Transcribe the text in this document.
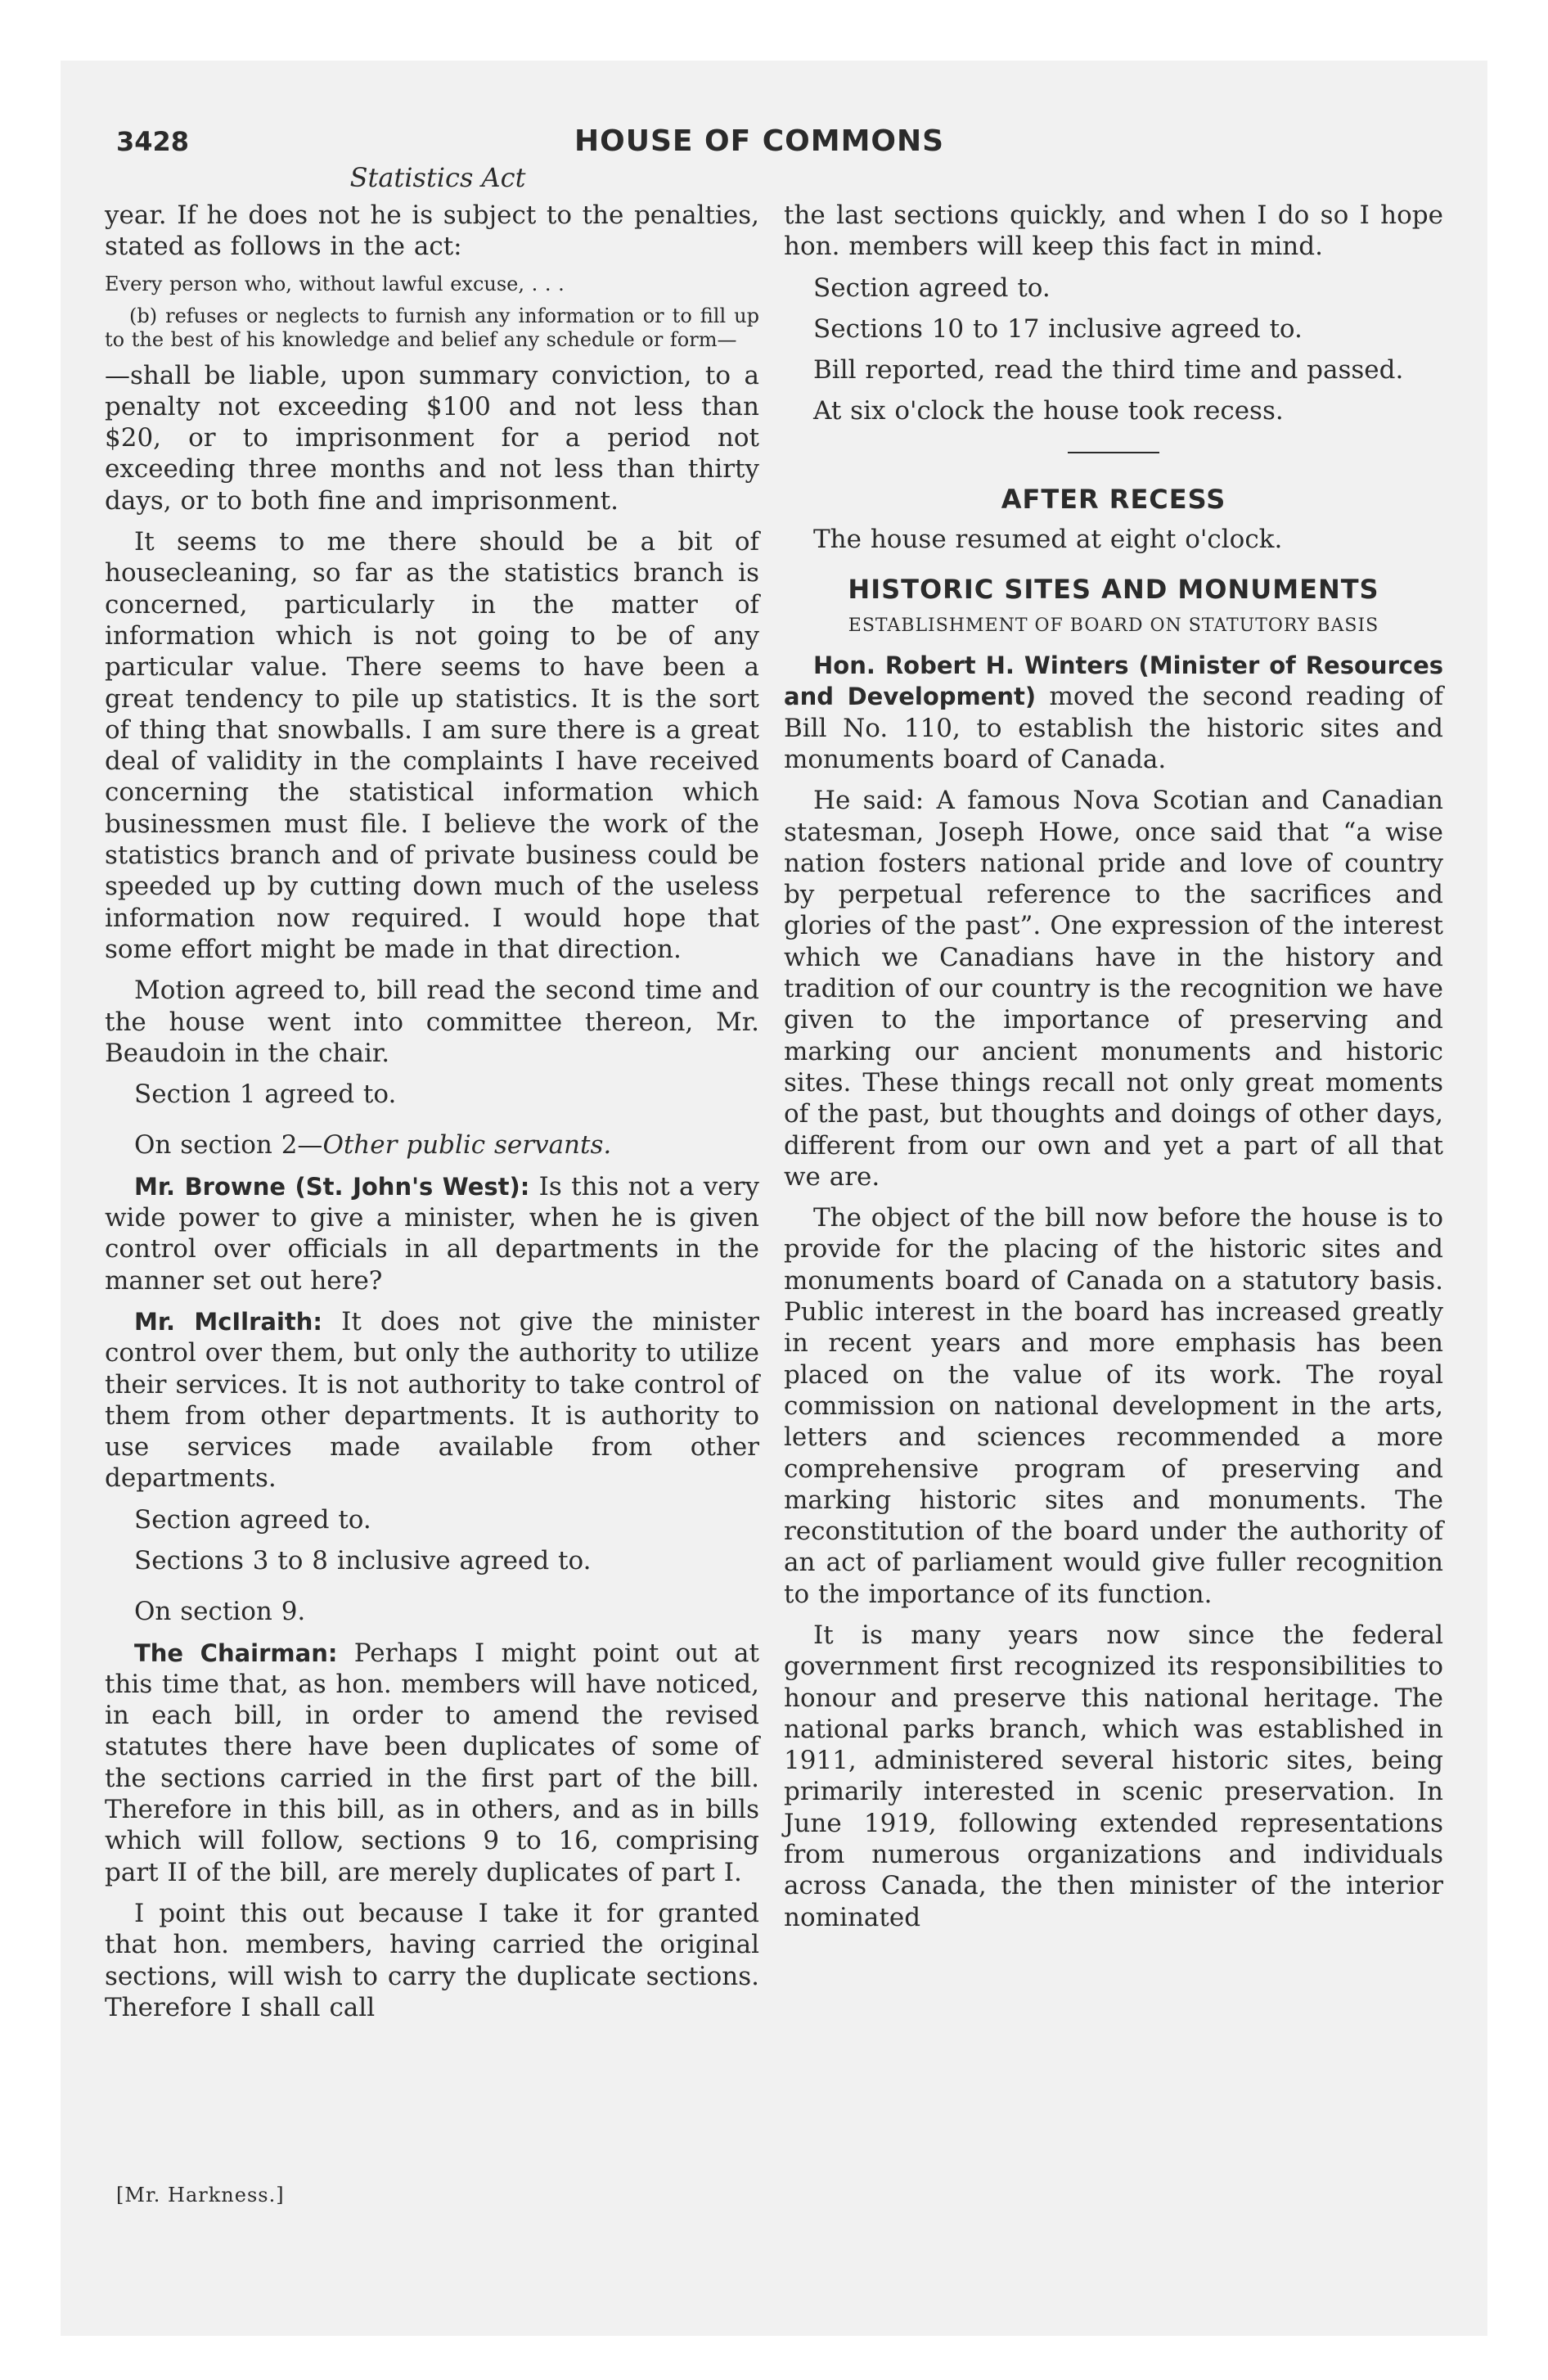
3428	HOUSE OF COMMONS
Statistics Act

year. If he does not he is subject to the penalties, stated as follows in the act:

Every person who, without lawful excuse, . . .

(b) refuses or neglects to furnish any information or to fill up to the best of his knowledge and belief any schedule or form—

—shall be liable, upon summary conviction, to a penalty not exceeding $100 and not less than $20, or to imprisonment for a period not exceeding three months and not less than thirty days, or to both fine and imprisonment.

It seems to me there should be a bit of housecleaning, so far as the statistics branch is concerned, particularly in the matter of information which is not going to be of any particular value. There seems to have been a great tendency to pile up statistics. It is the sort of thing that snowballs. I am sure there is a great deal of validity in the complaints I have received concerning the statistical information which businessmen must file. I believe the work of the statistics branch and of private business could be speeded up by cutting down much of the useless information now required. I would hope that some effort might be made in that direction.

Motion agreed to, bill read the second time and the house went into committee thereon, Mr. Beaudoin in the chair.

Section 1 agreed to.

On section 2—Other public servants.

Mr. Browne (St. John's West): Is this not a very wide power to give a minister, when he is given control over officials in all departments in the manner set out here?

Mr. McIlraith: It does not give the minister control over them, but only the authority to utilize their services. It is not authority to take control of them from other departments. It is authority to use services made available from other departments.

Section agreed to.

Sections 3 to 8 inclusive agreed to.

On section 9.

The Chairman: Perhaps I might point out at this time that, as hon. members will have noticed, in each bill, in order to amend the revised statutes there have been duplicates of some of the sections carried in the first part of the bill. Therefore in this bill, as in others, and as in bills which will follow, sections 9 to 16, comprising part II of the bill, are merely duplicates of part I.

I point this out because I take it for granted that hon. members, having carried the original sections, will wish to carry the duplicate sections. Therefore I shall call

the last sections quickly, and when I do so I hope hon. members will keep this fact in mind.

Section agreed to.

Sections 10 to 17 inclusive agreed to.

Bill reported, read the third time and passed.

At six o'clock the house took recess.

AFTER RECESS

The house resumed at eight o'clock.

HISTORIC SITES AND MONUMENTS
ESTABLISHMENT OF BOARD ON STATUTORY BASIS

Hon. Robert H. Winters (Minister of Resources and Development) moved the second reading of Bill No. 110, to establish the historic sites and monuments board of Canada.

He said: A famous Nova Scotian and Canadian statesman, Joseph Howe, once said that “a wise nation fosters national pride and love of country by perpetual reference to the sacrifices and glories of the past”. One expression of the interest which we Canadians have in the history and tradition of our country is the recognition we have given to the importance of preserving and marking our ancient monuments and historic sites. These things recall not only great moments of the past, but thoughts and doings of other days, different from our own and yet a part of all that we are.

The object of the bill now before the house is to provide for the placing of the historic sites and monuments board of Canada on a statutory basis. Public interest in the board has increased greatly in recent years and more emphasis has been placed on the value of its work. The royal commission on national development in the arts, letters and sciences recommended a more comprehensive program of preserving and marking historic sites and monuments. The reconstitution of the board under the authority of an act of parliament would give fuller recognition to the importance of its function.

It is many years now since the federal government first recognized its responsibilities to honour and preserve this national heritage. The national parks branch, which was established in 1911, administered several historic sites, being primarily interested in scenic preservation. In June 1919, following extended representations from numerous organizations and individuals across Canada, the then minister of the interior nominated

[Mr. Harkness.]
